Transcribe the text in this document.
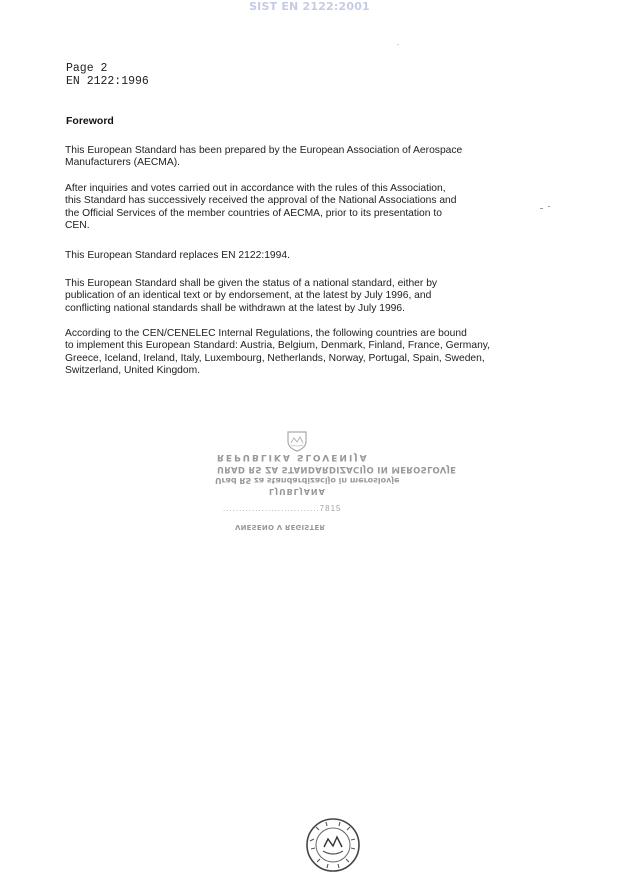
SIST EN 2122:2001
Page 2
EN 2122:1996
Foreword
This European Standard has been prepared by the European Association of Aerospace
Manufacturers (AECMA).
After inquiries and votes carried out in accordance with the rules of this Association,
this Standard has successively received the approval of the National Associations and
the Official Services of the member countries of AECMA, prior to its presentation to
CEN.
This European Standard replaces EN 2122:1994.
This European Standard shall be given the status of a national standard, either by
publication of an identical text or by endorsement, at the latest by July 1996, and
conflicting national standards shall be withdrawn at the latest by July 1996.
According to the CEN/CENELEC Internal Regulations, the following countries are bound
to implement this European Standard: Austria, Belgium, Denmark, Finland, France, Germany,
Greece, Iceland, Ireland, Italy, Luxembourg, Netherlands, Norway, Portugal, Spain, Sweden,
Switzerland, United Kingdom.
REPUBLIKA SLOVENIJA
URAD RS ZA STANDARDIZACIJO IN MEROSLOVJE
Urad RS za standardizacijo in meroslovje
LJUBLJANA
..............................7815
VNESENO V REGISTER
